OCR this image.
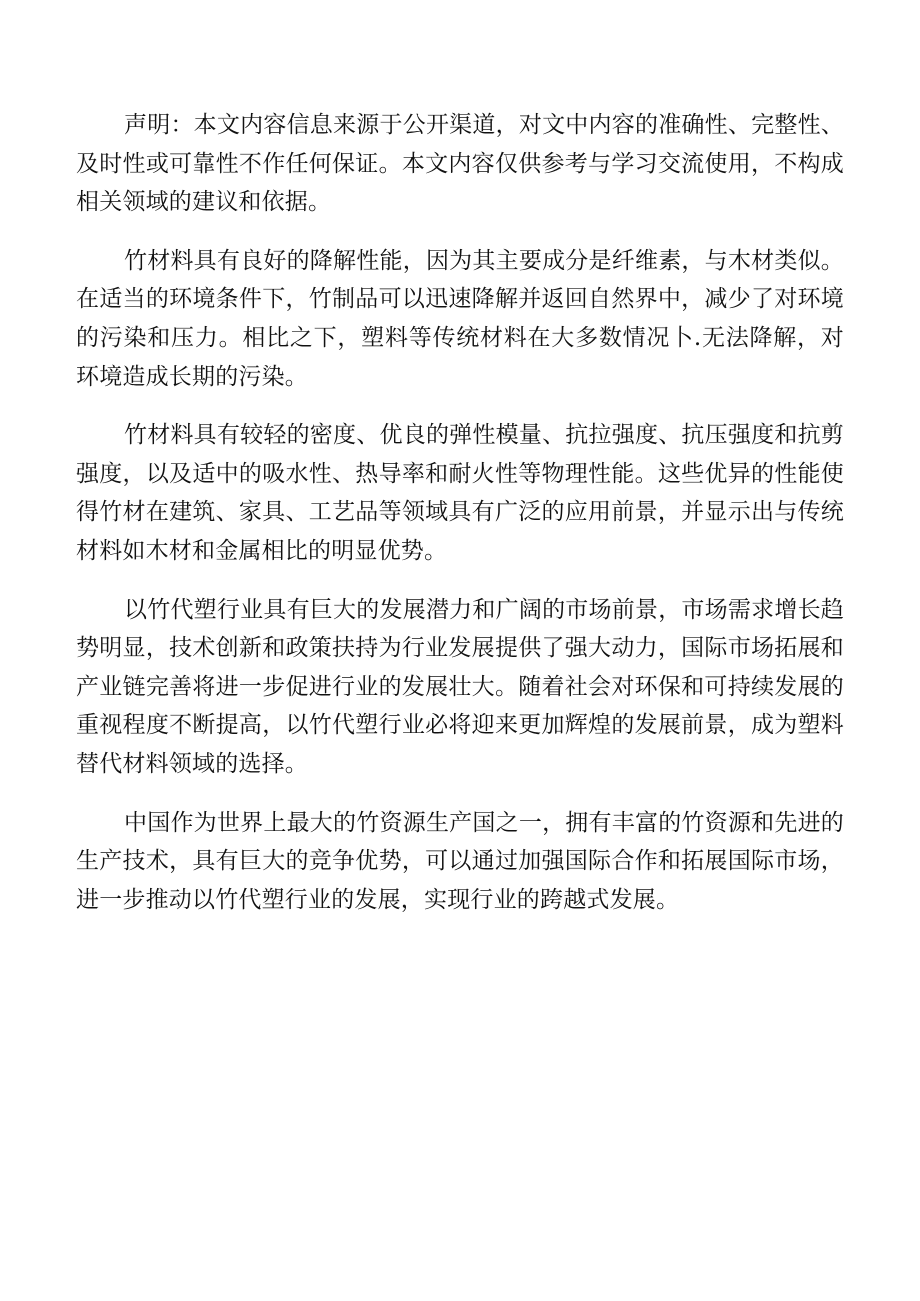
声明：本文内容信息来源于公开渠道，对文中内容的准确性、完整性、及时性或可靠性不作任何保证。本文内容仅供参考与学习交流使用，不构成相关领域的建议和依据。

竹材料具有良好的降解性能，因为其主要成分是纤维素，与木材类似。在适当的环境条件下，竹制品可以迅速降解并返回自然界中，减少了对环境的污染和压力。相比之下，塑料等传统材料在大多数情况卜.无法降解，对环境造成长期的污染。

竹材料具有较轻的密度、优良的弹性模量、抗拉强度、抗压强度和抗剪强度，以及适中的吸水性、热导率和耐火性等物理性能。这些优异的性能使得竹材在建筑、家具、工艺品等领域具有广泛的应用前景，并显示出与传统材料如木材和金属相比的明显优势。

以竹代塑行业具有巨大的发展潜力和广阔的市场前景，市场需求增长趋势明显，技术创新和政策扶持为行业发展提供了强大动力，国际市场拓展和产业链完善将进一步促进行业的发展壮大。随着社会对环保和可持续发展的重视程度不断提高，以竹代塑行业必将迎来更加辉煌的发展前景，成为塑料替代材料领域的选择。

中国作为世界上最大的竹资源生产国之一，拥有丰富的竹资源和先进的生产技术，具有巨大的竞争优势，可以通过加强国际合作和拓展国际市场，进一步推动以竹代塑行业的发展，实现行业的跨越式发展。
